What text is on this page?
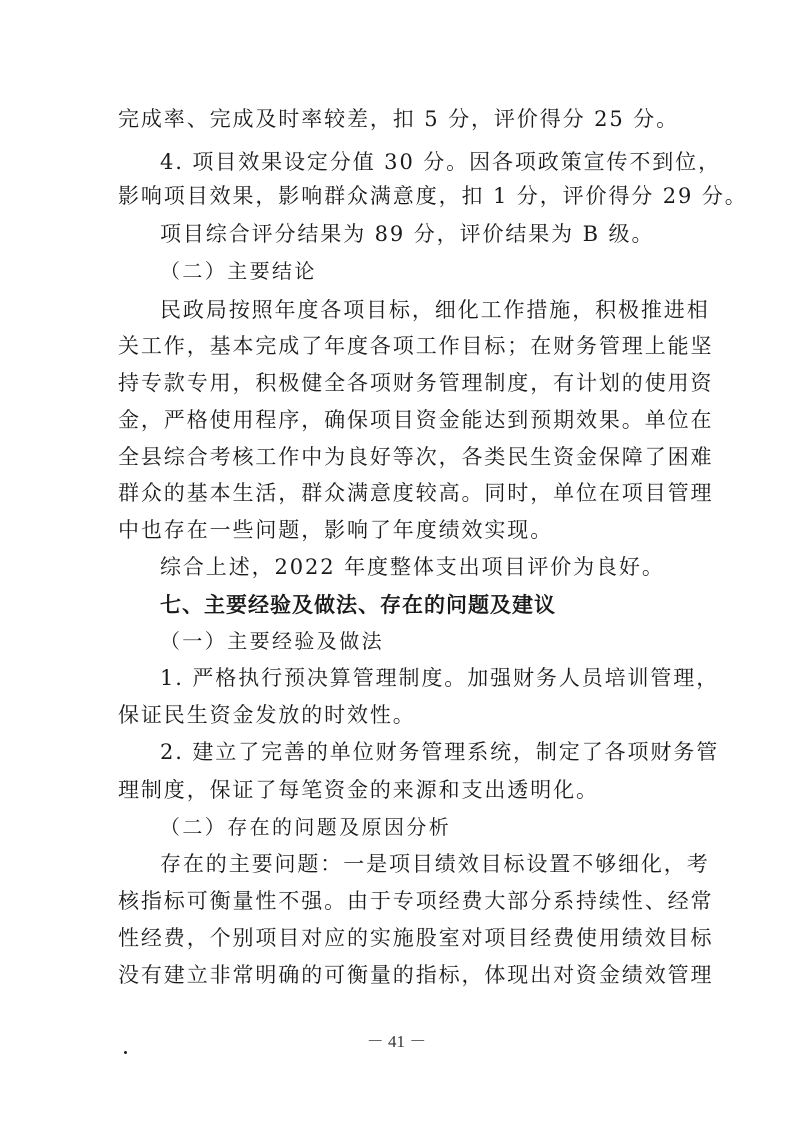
完成率、完成及时率较差，扣 5 分，评价得分 25 分。
4. 项目效果设定分值 30 分。因各项政策宣传不到位，
影响项目效果，影响群众满意度，扣 1 分，评价得分 29 分。
项目综合评分结果为 89 分，评价结果为 B 级。
（二）主要结论
民政局按照年度各项目标，细化工作措施，积极推进相
关工作，基本完成了年度各项工作目标；在财务管理上能坚
持专款专用，积极健全各项财务管理制度，有计划的使用资
金，严格使用程序，确保项目资金能达到预期效果。单位在
全县综合考核工作中为良好等次，各类民生资金保障了困难
群众的基本生活，群众满意度较高。同时，单位在项目管理
中也存在一些问题，影响了年度绩效实现。
综合上述，2022 年度整体支出项目评价为良好。
七、主要经验及做法、存在的问题及建议
（一）主要经验及做法
1. 严格执行预决算管理制度。加强财务人员培训管理，
保证民生资金发放的时效性。
2. 建立了完善的单位财务管理系统，制定了各项财务管
理制度，保证了每笔资金的来源和支出透明化。
（二）存在的问题及原因分析
存在的主要问题：一是项目绩效目标设置不够细化，考
核指标可衡量性不强。由于专项经费大部分系持续性、经常
性经费，个别项目对应的实施股室对项目经费使用绩效目标
没有建立非常明确的可衡量的指标，体现出对资金绩效管理
－ 41 －
